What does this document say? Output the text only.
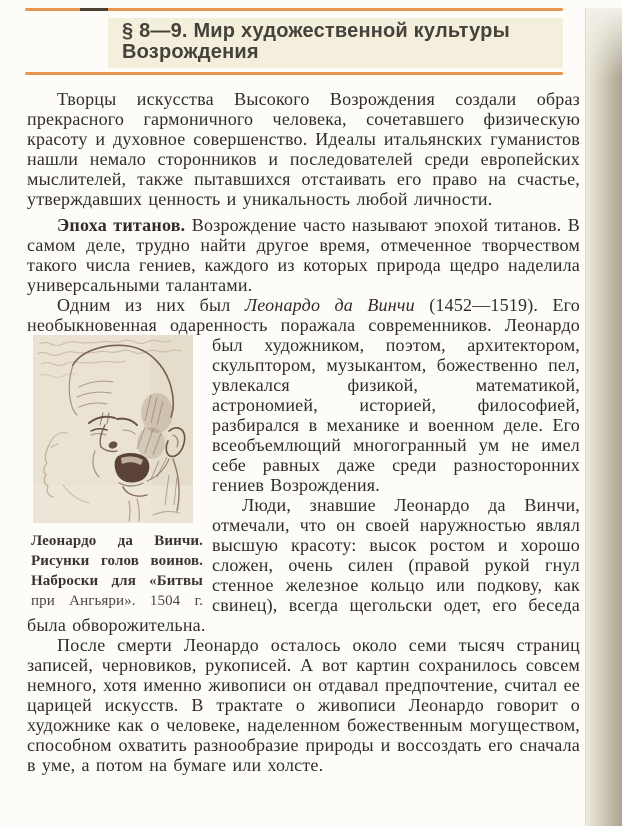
§ 8—9. Мир художественной культуры Возрождения
Творцы искусства Высокого Возрождения создали образ прекрасного гармоничного человека, сочетавшего физическую красоту и духовное совершенство. Идеалы итальянских гуманистов нашли немало сторонников и последователей среди европейских мыслителей, также пытавшихся отстаивать его право на счастье, утверждавших ценность и уникальность любой личности.
Эпоха титанов. Возрождение часто называют эпохой титанов. В самом деле, трудно найти другое время, отмеченное творчеством такого числа гениев, каждого из которых природа щедро наделила универсальными талантами.
Одним из них был Леонардо да Винчи (1452—1519). Его необыкновенная одаренность поражала современников.
Леонардо да Винчи.
Рисунки голов воинов.
Наброски для «Битвы
при Ангьяри». 1504 г.
Леонардо был художником, поэтом, архитектором, скульптором, музыкантом, божественно пел, увлекался физикой, математикой, астрономией, историей, философией, разбирался в механике и военном деле. Его всеобъемлющий многогранный ум не имел себе равных даже среди разносторонних гениев Возрождения.
Люди, знавшие Леонардо да Винчи, отмечали, что он своей наружностью являл высшую красоту: высок ростом и хорошо сложен, очень силен (правой рукой гнул стенное железное кольцо или подкову, как свинец), всегда щегольски одет, его беседа была обворожительна.
После смерти Леонардо осталось около семи тысяч страниц записей, черновиков, рукописей. А вот картин сохранилось совсем немного, хотя именно живописи он отдавал предпочтение, считал ее царицей искусств. В трактате о живописи Леонардо говорит о художнике как о человеке, наделенном божественным могуществом, способном охватить разнообразие природы и воссоздать его сначала в уме, а потом на бумаге или холсте.
